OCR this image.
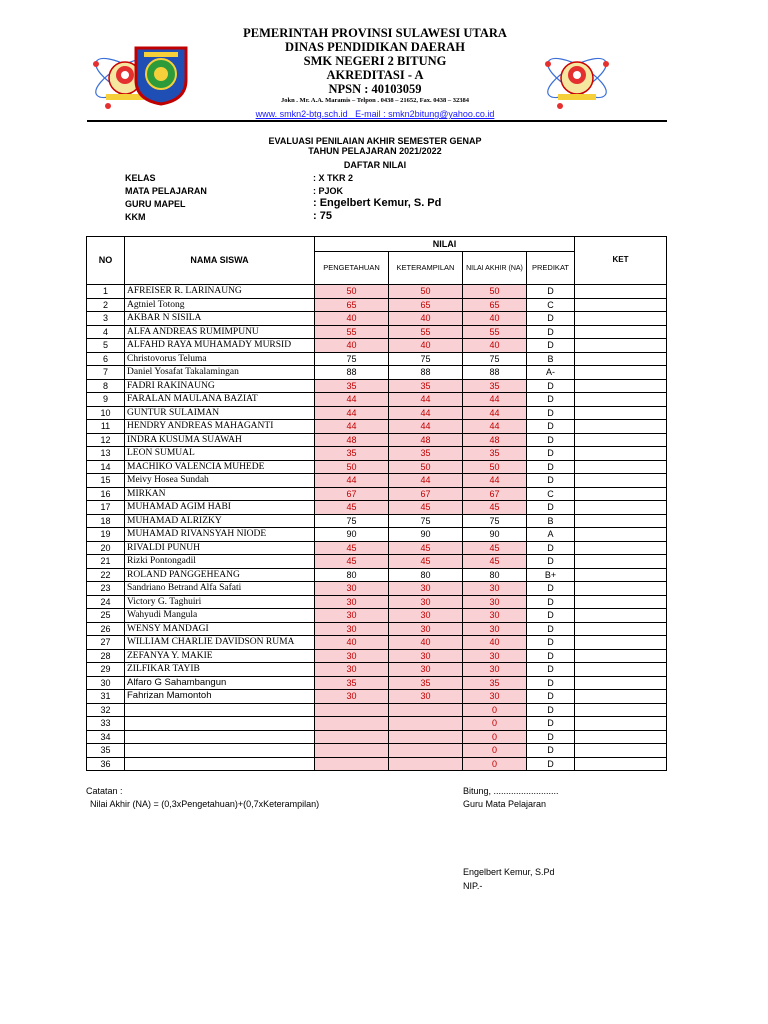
PEMERINTAH PROVINSI SULAWESI UTARA
DINAS PENDIDIKAN DAERAH
SMK NEGERI 2 BITUNG
AKREDITASI - A
NPSN : 40103059
Jokn . Mr. A.A. Maramis – Telpon . 0438 – 21652, Fax. 0438 – 32384
www. smkn2-btg.sch.id E-mail : smkn2bitung@yahoo.co.id
EVALUASI PENILAIAN AKHIR SEMESTER GENAP
TAHUN PELAJARAN 2021/2022
DAFTAR NILAI
KELAS	: X TKR 2
MATA PELAJARAN	: PJOK
GURU MAPEL	: Engelbert Kemur, S. Pd
KKM	: 75
NO	NAMA SISWA	NILAI				KET
		PENGETAHUAN	KETERAMPILAN	NILAI AKHIR (NA)	PREDIKAT	
1	AFREISER R. LARINAUNG	50	50	50	D	
2	Agtniel Totong	65	65	65	C	
3	AKBAR N SISILA	40	40	40	D	
4	ALFA ANDREAS RUMIMPUNU	55	55	55	D	
5	ALFAHD RAYA MUHAMADY MURSID	40	40	40	D	
6	Christovorus Teluma	75	75	75	B	
7	Daniel Yosafat Takalamingan	88	88	88	A-	
8	FADRI RAKINAUNG	35	35	35	D	
9	FARALAN MAULANA BAZIAT	44	44	44	D	
10	GUNTUR SULAIMAN	44	44	44	D	
11	HENDRY ANDREAS MAHAGANTI	44	44	44	D	
12	INDRA KUSUMA SUAWAH	48	48	48	D	
13	LEON SUMUAL	35	35	35	D	
14	MACHIKO VALENCIA MUHEDE	50	50	50	D	
15	Meivy Hosea Sundah	44	44	44	D	
16	MIRKAN	67	67	67	C	
17	MUHAMAD AGIM HABI	45	45	45	D	
18	MUHAMAD ALRIZKY	75	75	75	B	
19	MUHAMAD RIVANSYAH NIODE	90	90	90	A	
20	RIVALDI PUNUH	45	45	45	D	
21	Rizki Pontongadil	45	45	45	D	
22	ROLAND PANGGEHEANG	80	80	80	B+	
23	Sandriano Betrand Alfa Safati	30	30	30	D	
24	Victory G. Taghuiri	30	30	30	D	
25	Wahyudi Mangula	30	30	30	D	
26	WENSY MANDAGI	30	30	30	D	
27	WILLIAM CHARLIE DAVIDSON RUMA	40	40	40	D	
28	ZEFANYA Y. MAKIE	30	30	30	D	
29	ZILFIKAR TAYIB	30	30	30	D	
30	Alfaro G Sahambangun	35	35	35	D	
31	Fahrizan Mamontoh	30	30	30	D	
32				0	D	
33				0	D	
34				0	D	
35				0	D	
36				0	D	
Catatan :
Nilai Akhir (NA) = (0,3xPengetahuan)+(0,7xKeterampilan)
Bitung, ..........................
Guru Mata Pelajaran
Engelbert Kemur, S.Pd
NIP.-
